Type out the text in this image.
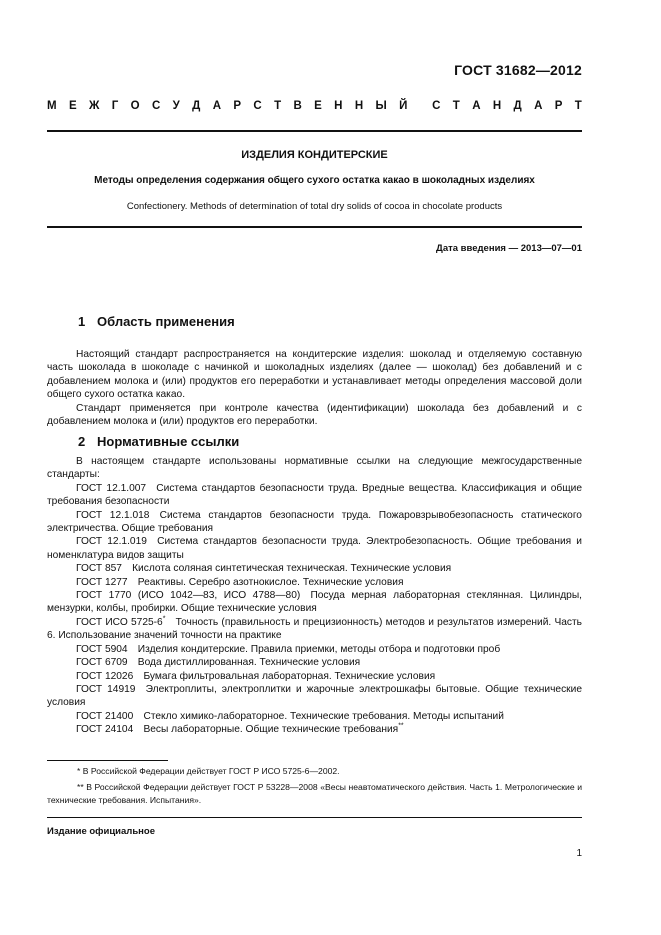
ГОСТ 31682—2012
М Е Ж Г О С У Д А Р С Т В Е Н Н Ы Й С Т А Н Д А Р Т
ИЗДЕЛИЯ КОНДИТЕРСКИЕ
Методы определения содержания общего сухого остатка какао в шоколадных изделиях
Confectionery. Methods of determination of total dry solids of cocoa in chocolate products
Дата введения — 2013—07—01
1 Область применения

Настоящий стандарт распространяется на кондитерские изделия: шоколад и отделяемую составную часть шоколада в шоколаде с начинкой и шоколадных изделиях (далее — шоколад) без добавлений и с добавлением молока и (или) продуктов его переработки и устанавливает методы определения массовой доли общего сухого остатка какао.

Стандарт применяется при контроле качества (идентификации) шоколада без добавлений и с добавлением молока и (или) продуктов его переработки.

2 Нормативные ссылки

В настоящем стандарте использованы нормативные ссылки на следующие межгосударственные стандарты:

ГОСТ 12.1.007  Система стандартов безопасности труда. Вредные вещества. Классификация и общие требования безопасности

ГОСТ 12.1.018  Система стандартов безопасности труда. Пожаровзрывобезопасность статического электричества. Общие требования

ГОСТ 12.1.019  Система стандартов безопасности труда. Электробезопасность. Общие требования и номенклатура видов защиты

ГОСТ 857  Кислота соляная синтетическая техническая. Технические условия

ГОСТ 1277  Реактивы. Серебро азотнокислое. Технические условия

ГОСТ 1770 (ИСО 1042—83, ИСО 4788—80)  Посуда мерная лабораторная стеклянная. Цилиндры, мензурки, колбы, пробирки. Общие технические условия

ГОСТ ИСО 5725-6*  Точность (правильность и прецизионность) методов и результатов измерений. Часть 6. Использование значений точности на практике

ГОСТ 5904  Изделия кондитерские. Правила приемки, методы отбора и подготовки проб

ГОСТ 6709  Вода дистиллированная. Технические условия

ГОСТ 12026  Бумага фильтровальная лабораторная. Технические условия

ГОСТ 14919  Электроплиты, электроплитки и жарочные электрошкафы бытовые. Общие технические условия

ГОСТ 21400  Стекло химико-лабораторное. Технические требования. Методы испытаний

ГОСТ 24104  Весы лабораторные. Общие технические требования**

* В Российской Федерации действует ГОСТ Р ИСО 5725-6—2002.

** В Российской Федерации действует ГОСТ Р 53228—2008 «Весы неавтоматического действия. Часть 1. Метрологические и технические требования. Испытания».

Издание официальное
1
